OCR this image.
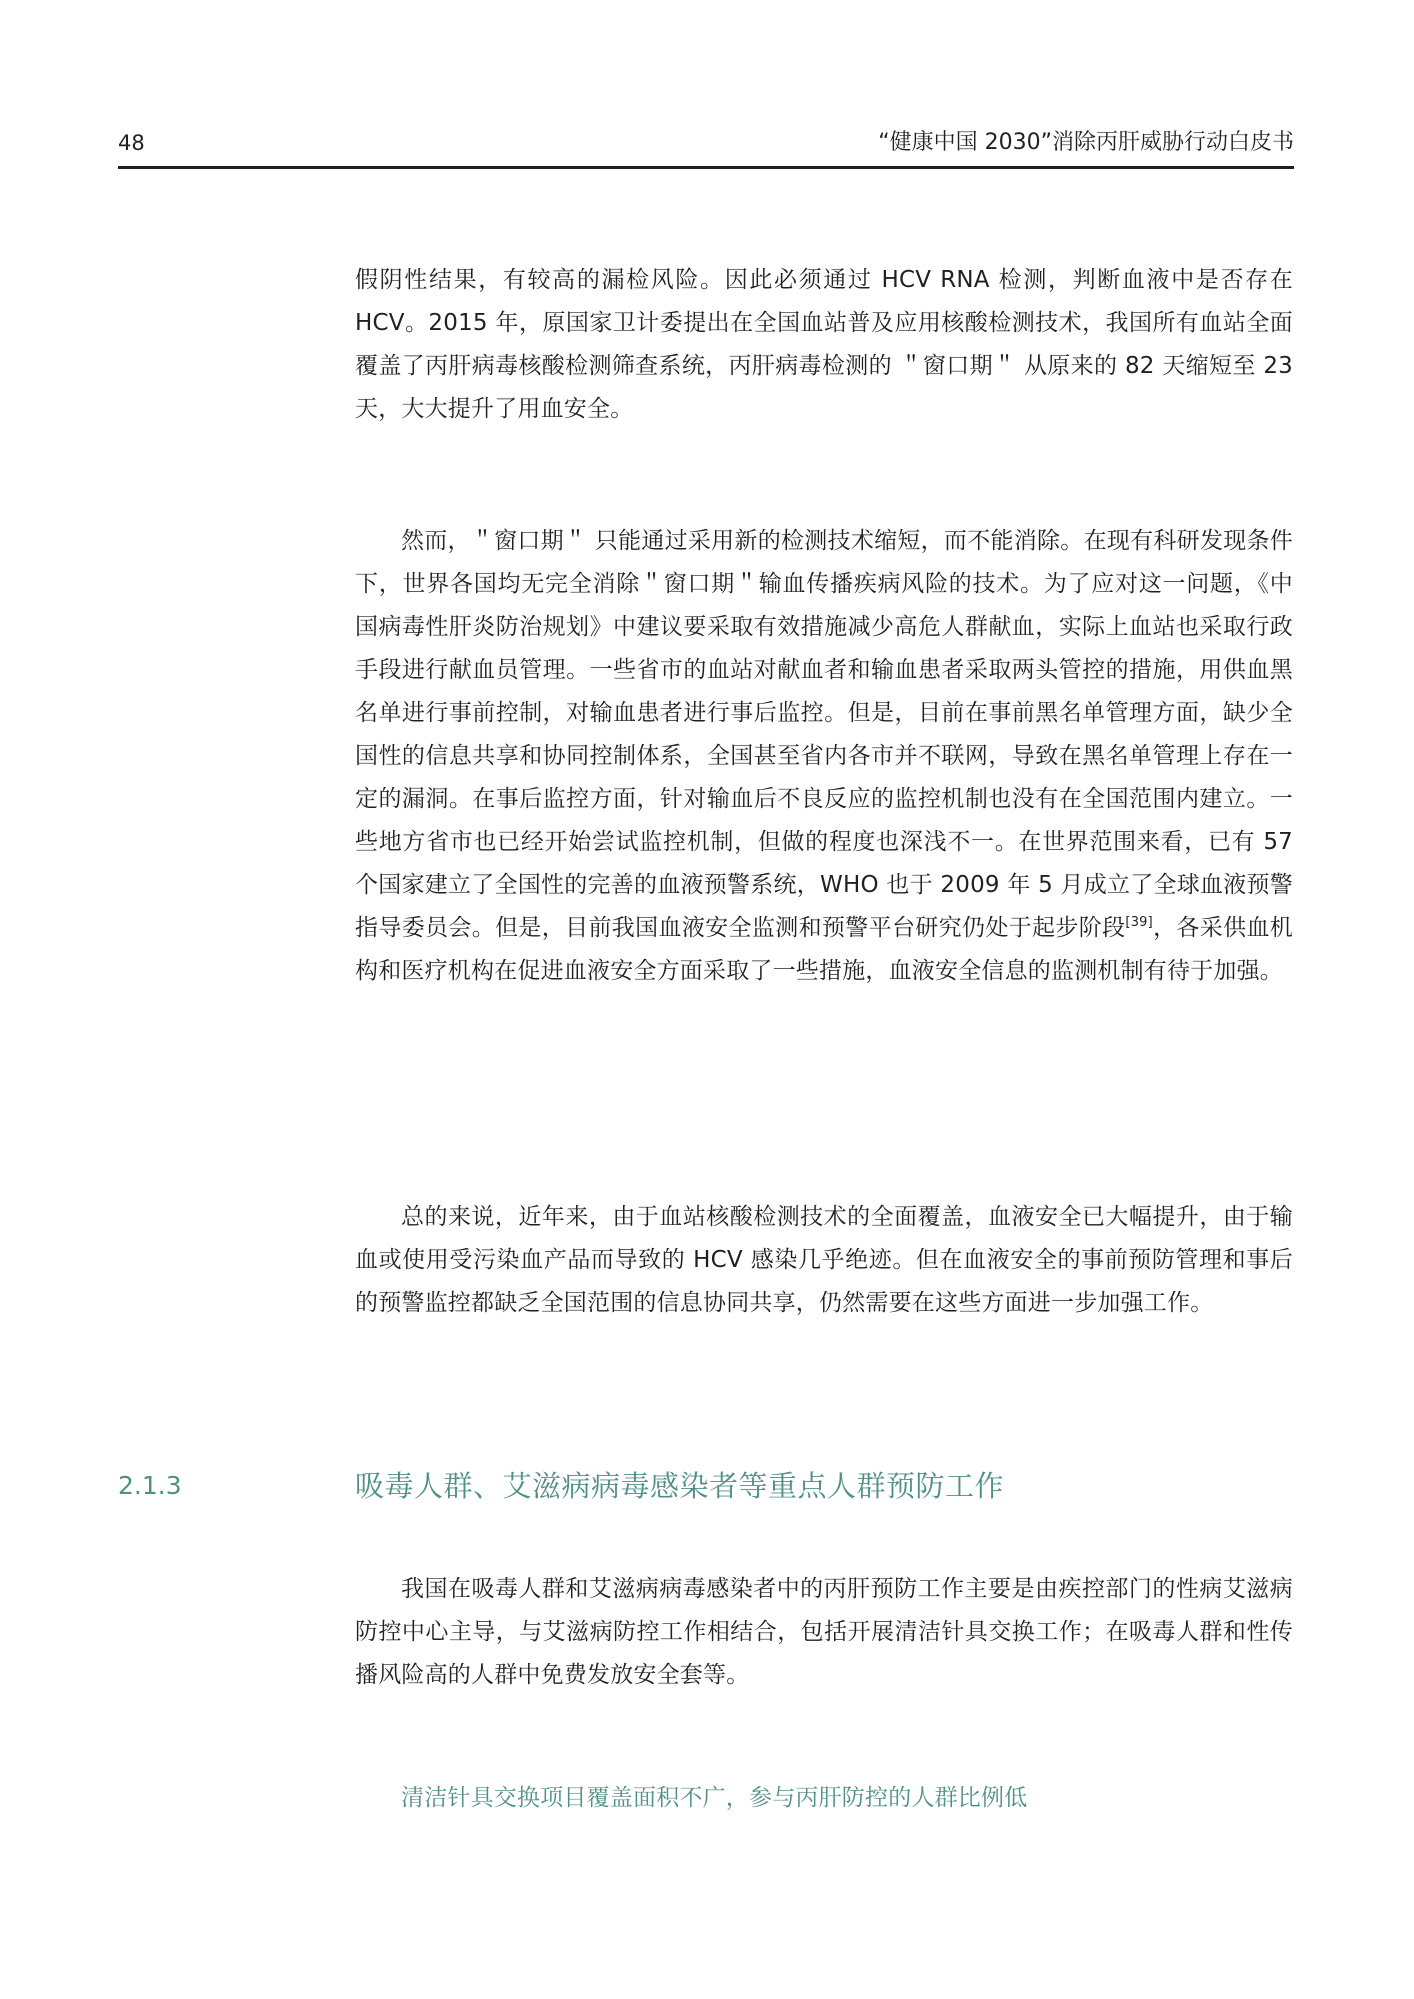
48	“健康中国 2030”消除丙肝威胁行动白皮书

假阴性结果，有较高的漏检风险。因此必须通过 HCV RNA 检测，判断血液中是否存在 HCV。2015 年，原国家卫计委提出在全国血站普及应用核酸检测技术，我国所有血站全面覆盖了丙肝病毒核酸检测筛查系统，丙肝病毒检测的 ＂窗口期＂ 从原来的 82 天缩短至 23 天，大大提升了用血安全。

然而，＂窗口期＂ 只能通过采用新的检测技术缩短，而不能消除。在现有科研发现条件下，世界各国均无完全消除＂窗口期＂输血传播疾病风险的技术。为了应对这一问题，《中国病毒性肝炎防治规划》中建议要采取有效措施减少高危人群献血，实际上血站也采取行政手段进行献血员管理。一些省市的血站对献血者和输血患者采取两头管控的措施，用供血黑名单进行事前控制，对输血患者进行事后监控。但是，目前在事前黑名单管理方面，缺少全国性的信息共享和协同控制体系，全国甚至省内各市并不联网，导致在黑名单管理上存在一定的漏洞。在事后监控方面，针对输血后不良反应的监控机制也没有在全国范围内建立。一些地方省市也已经开始尝试监控机制，但做的程度也深浅不一。在世界范围来看，已有 57 个国家建立了全国性的完善的血液预警系统，WHO 也于 2009 年 5 月成立了全球血液预警指导委员会。但是，目前我国血液安全监测和预警平台研究仍处于起步阶段[39]，各采供血机构和医疗机构在促进血液安全方面采取了一些措施，血液安全信息的监测机制有待于加强。

总的来说，近年来，由于血站核酸检测技术的全面覆盖，血液安全已大幅提升，由于输血或使用受污染血产品而导致的 HCV 感染几乎绝迹。但在血液安全的事前预防管理和事后的预警监控都缺乏全国范围的信息协同共享，仍然需要在这些方面进一步加强工作。

2.1.3	吸毒人群、艾滋病病毒感染者等重点人群预防工作

我国在吸毒人群和艾滋病病毒感染者中的丙肝预防工作主要是由疾控部门的性病艾滋病防控中心主导，与艾滋病防控工作相结合，包括开展清洁针具交换工作；在吸毒人群和性传播风险高的人群中免费发放安全套等。

清洁针具交换项目覆盖面积不广，参与丙肝防控的人群比例低
